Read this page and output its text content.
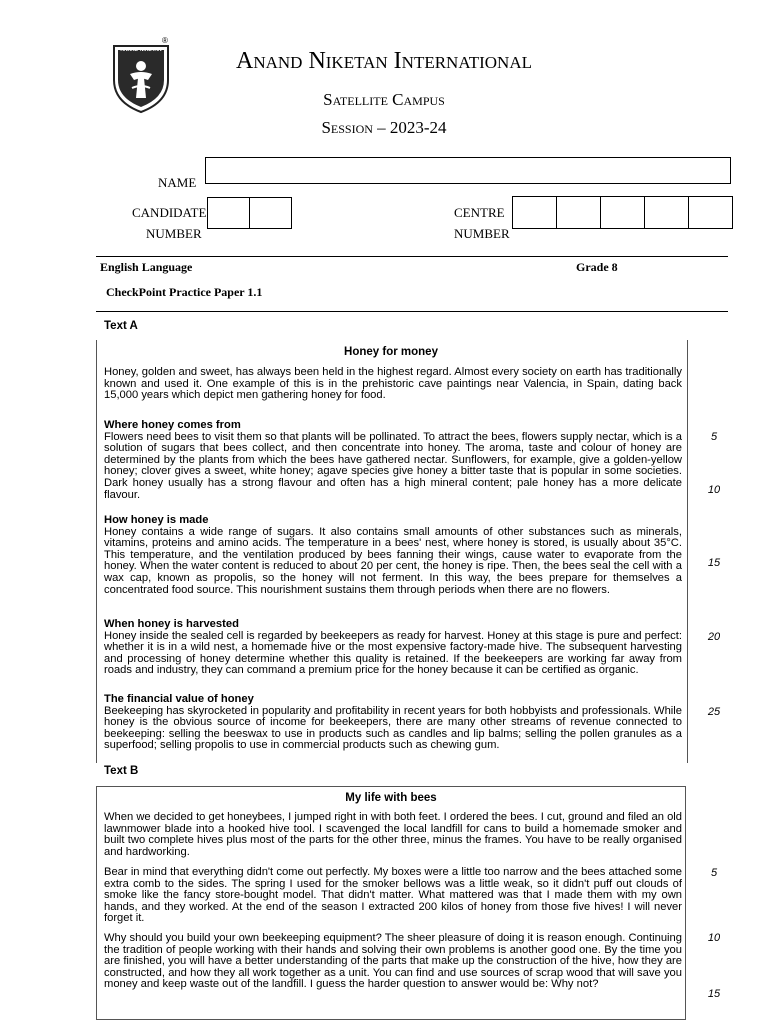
ANAND NIKETAN
®
Anand Niketan International
Satellite Campus
Session – 2023-24
NAME
CANDIDATE
NUMBER
CENTRE
NUMBER
English Language	Grade 8
CheckPoint Practice Paper 1.1
Text A
Honey for money
Honey, golden and sweet, has always been held in the highest regard. Almost every society on earth has traditionally known and used it. One example of this is in the prehistoric cave paintings near Valencia, in Spain, dating back 15,000 years which depict men gathering honey for food.
Where honey comes from
Flowers need bees to visit them so that plants will be pollinated. To attract the bees, flowers supply nectar, which is a solution of sugars that bees collect, and then concentrate into honey. The aroma, taste and colour of honey are determined by the plants from which the bees have gathered nectar. Sunflowers, for example, give a golden-yellow honey; clover gives a sweet, white honey; agave species give honey a bitter taste that is popular in some societies. Dark honey usually has a strong flavour and often has a high mineral content; pale honey has a more delicate flavour.
How honey is made
Honey contains a wide range of sugars. It also contains small amounts of other substances such as minerals, vitamins, proteins and amino acids. The temperature in a bees' nest, where honey is stored, is usually about 35°C. This temperature, and the ventilation produced by bees fanning their wings, cause water to evaporate from the honey. When the water content is reduced to about 20 per cent, the honey is ripe. Then, the bees seal the cell with a wax cap, known as propolis, so the honey will not ferment. In this way, the bees prepare for themselves a concentrated food source. This nourishment sustains them through periods when there are no flowers.
When honey is harvested
Honey inside the sealed cell is regarded by beekeepers as ready for harvest. Honey at this stage is pure and perfect: whether it is in a wild nest, a homemade hive or the most expensive factory-made hive. The subsequent harvesting and processing of honey determine whether this quality is retained. If the beekeepers are working far away from roads and industry, they can command a premium price for the honey because it can be certified as organic.
The financial value of honey
Beekeeping has skyrocketed in popularity and profitability in recent years for both hobbyists and professionals. While honey is the obvious source of income for beekeepers, there are many other streams of revenue connected to beekeeping: selling the beeswax to use in products such as candles and lip balms; selling the pollen granules as a superfood; selling propolis to use in commercial products such as chewing gum.
5
10
15
20
25
Text B
My life with bees
When we decided to get honeybees, I jumped right in with both feet. I ordered the bees. I cut, ground and filed an old lawnmower blade into a hooked hive tool. I scavenged the local landfill for cans to build a homemade smoker and built two complete hives plus most of the parts for the other three, minus the frames. You have to be really organised and hardworking.
Bear in mind that everything didn't come out perfectly. My boxes were a little too narrow and the bees attached some extra comb to the sides. The spring I used for the smoker bellows was a little weak, so it didn't puff out clouds of smoke like the fancy store-bought model. That didn't matter. What mattered was that I made them with my own hands, and they worked. At the end of the season I extracted 200 kilos of honey from those five hives! I will never forget it.
Why should you build your own beekeeping equipment? The sheer pleasure of doing it is reason enough. Continuing the tradition of people working with their hands and solving their own problems is another good one. By the time you are finished, you will have a better understanding of the parts that make up the construction of the hive, how they are constructed, and how they all work together as a unit. You can find and use sources of scrap wood that will save you money and keep waste out of the landfill. I guess the harder question to answer would be: Why not?
5
10
15
